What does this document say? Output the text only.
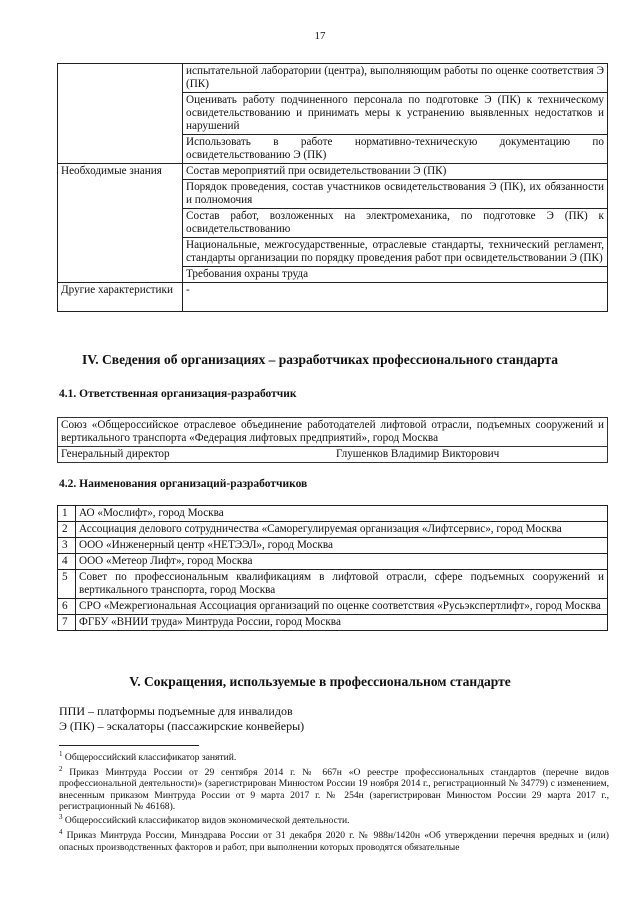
17
	испытательной лаборатории (центра), выполняющим работы по оценке соответствия Э (ПК)
	Оценивать работу подчиненного персонала по подготовке Э (ПК) к техническому освидетельствованию и принимать меры к устранению выявленных недостатков и нарушений
	Использовать в работе нормативно-техническую документацию по освидетельствованию Э (ПК)
Необходимые знания	Состав мероприятий при освидетельствовании Э (ПК)
	Порядок проведения, состав участников освидетельствования Э (ПК), их обязанности и полномочия
	Состав работ, возложенных на электромеханика, по подготовке Э (ПК) к освидетельствованию
	Национальные, межгосударственные, отраслевые стандарты, технический регламент, стандарты организации по порядку проведения работ при освидетельствовании Э (ПК)
	Требования охраны труда
Другие характеристики	-
IV. Сведения об организациях – разработчиках профессионального стандарта
4.1. Ответственная организация-разработчик
Союз «Общероссийское отраслевое объединение работодателей лифтовой отрасли, подъемных сооружений и вертикального транспорта «Федерация лифтовых предприятий», город Москва

Генеральный директор	Глушенков Владимир Викторович
4.2. Наименования организаций-разработчиков
1	АО «Мослифт», город Москва
2	Ассоциация делового сотрудничества «Саморегулируемая организация «Лифтсервис», город Москва
3	ООО «Инженерный центр «НЕТЭЭЛ», город Москва
4	ООО «Метеор Лифт», город Москва
5	Совет по профессиональным квалификациям в лифтовой отрасли, сфере подъемных сооружений и вертикального транспорта, город Москва
6	СРО «Межрегиональная Ассоциация организаций по оценке соответствия «Русьэкспертлифт», город Москва
7	ФГБУ «ВНИИ труда» Минтруда России, город Москва
V. Сокращения, используемые в профессиональном стандарте
ППИ – платформы подъемные для инвалидов
Э (ПК) – эскалаторы (пассажирские конвейеры)

$^1$ Общероссийский классификатор занятий.

$^2$ Приказ Минтруда России от 29 сентября 2014 г. № 667н «О реестре профессиональных стандартов (перечне видов профессиональной деятельности)» (зарегистрирован Минюстом России 19 ноября 2014 г., регистрационный № 34779) с изменением, внесенным приказом Минтруда России от 9 марта 2017 г. № 254н (зарегистрирован Минюстом России 29 марта 2017 г., регистрационный № 46168).

$^3$ Общероссийский классификатор видов экономической деятельности.

$^4$ Приказ Минтруда России, Минздрава России от 31 декабря 2020 г. № 988н/1420н «Об утверждении перечня вредных и (или) опасных производственных факторов и работ, при выполнении которых проводятся обязательные
